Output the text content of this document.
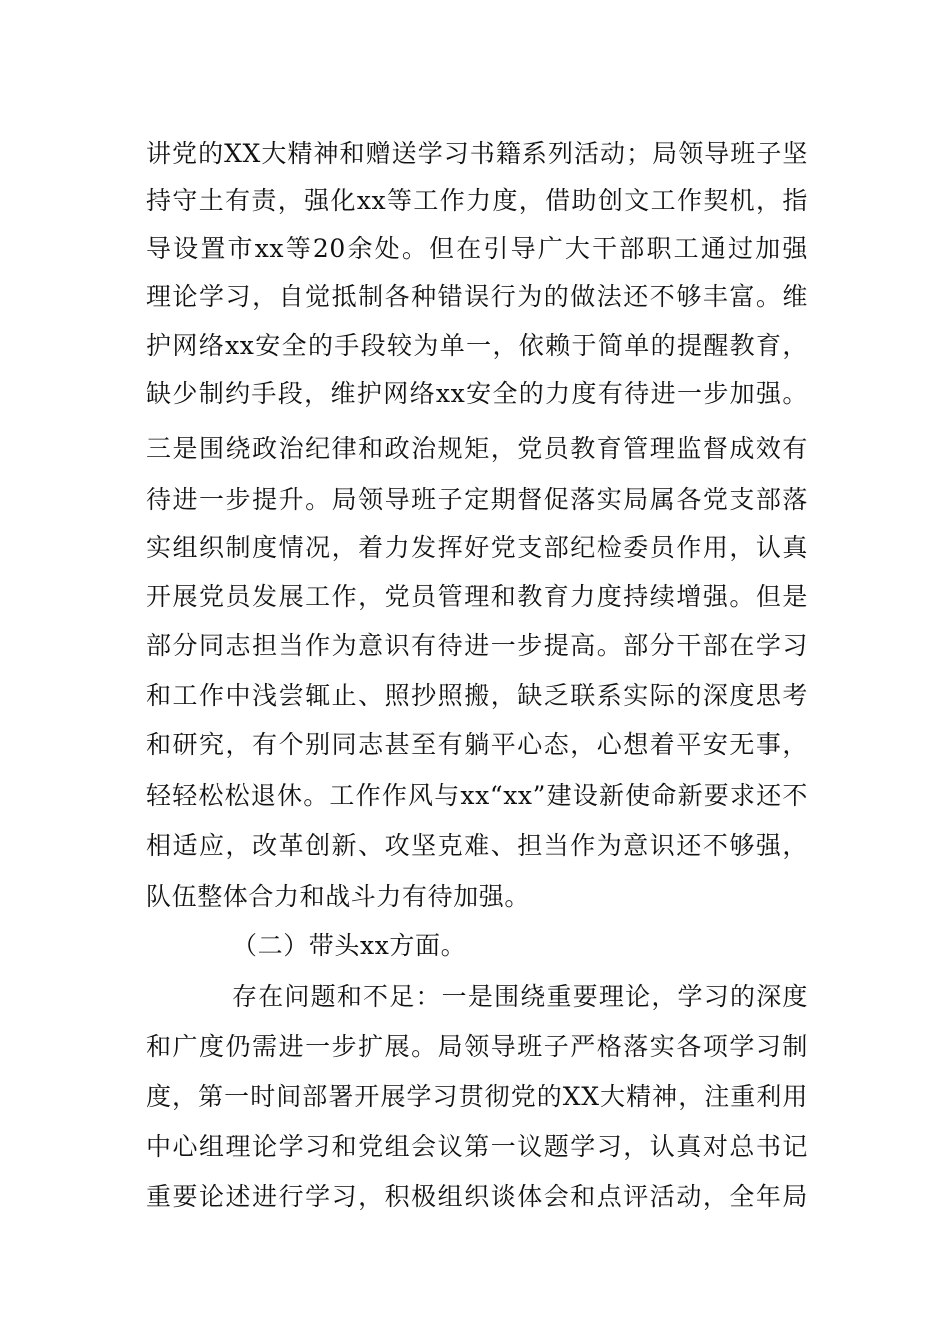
讲党的XX大精神和赠送学习书籍系列活动；局领导班子坚
持守土有责，强化xx等工作力度，借助创文工作契机，指
导设置市xx等20余处。但在引导广大干部职工通过加强
理论学习，自觉抵制各种错误行为的做法还不够丰富。维
护网络xx安全的手段较为单一，依赖于简单的提醒教育，
缺少制约手段，维护网络xx安全的力度有待进一步加强。
三是围绕政治纪律和政治规矩，党员教育管理监督成效有
待进一步提升。局领导班子定期督促落实局属各党支部落
实组织制度情况，着力发挥好党支部纪检委员作用，认真
开展党员发展工作，党员管理和教育力度持续增强。但是
部分同志担当作为意识有待进一步提高。部分干部在学习
和工作中浅尝辄止、照抄照搬，缺乏联系实际的深度思考
和研究，有个别同志甚至有躺平心态，心想着平安无事，
轻轻松松退休。工作作风与xx“xx”建设新使命新要求还不
相适应，改革创新、攻坚克难、担当作为意识还不够强，
队伍整体合力和战斗力有待加强。
（二）带头xx方面。
存在问题和不足：一是围绕重要理论，学习的深度
和广度仍需进一步扩展。局领导班子严格落实各项学习制
度，第一时间部署开展学习贯彻党的XX大精神，注重利用
中心组理论学习和党组会议第一议题学习，认真对总书记
重要论述进行学习，积极组织谈体会和点评活动，全年局
